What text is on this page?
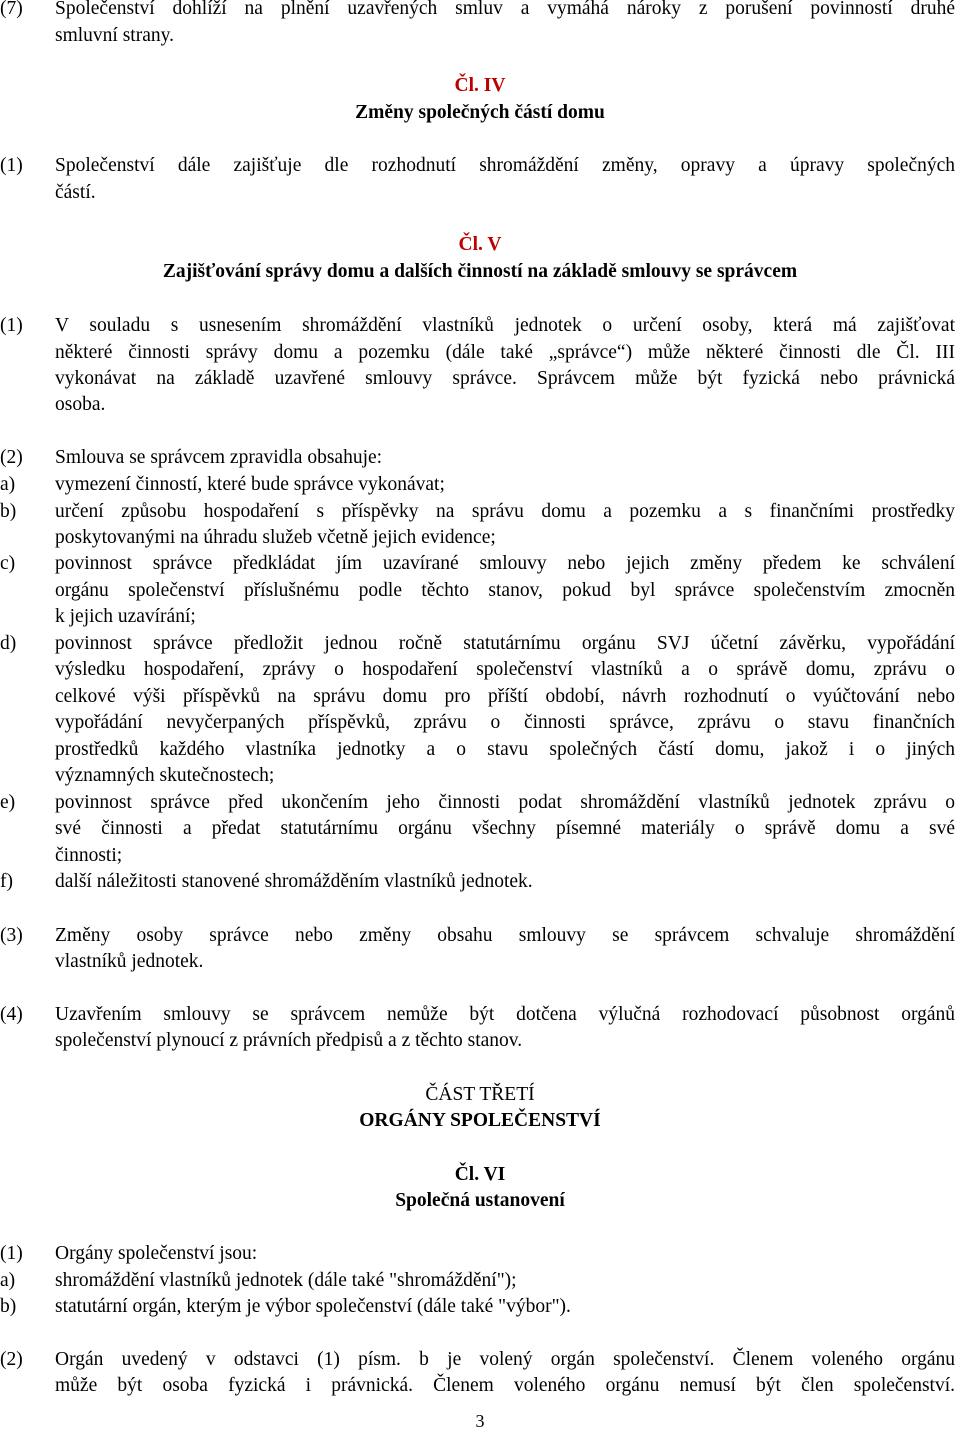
(7) Společenství dohlíží na plnění uzavřených smluv a vymáhá nároky z porušení povinností druhé
smluvní strany.
Čl. IV
Změny společných částí domu
(1) Společenství dále zajišťuje dle rozhodnutí shromáždění změny, opravy a úpravy společných
částí.
Čl. V
Zajišťování správy domu a dalších činností na základě smlouvy se správcem
(1) V souladu s usnesením shromáždění vlastníků jednotek o určení osoby, která má zajišťovat
některé činnosti správy domu a pozemku (dále také „správce“) může některé činnosti dle Čl. III
vykonávat na základě uzavřené smlouvy správce. Správcem může být fyzická nebo právnická
osoba.
(2) Smlouva se správcem zpravidla obsahuje:
a) vymezení činností, které bude správce vykonávat;
b) určení způsobu hospodaření s příspěvky na správu domu a pozemku a s finančními prostředky
poskytovanými na úhradu služeb včetně jejich evidence;
c) povinnost správce předkládat jím uzavírané smlouvy nebo jejich změny předem ke schválení
orgánu společenství příslušnému podle těchto stanov, pokud byl správce společenstvím zmocněn
k jejich uzavírání;
d) povinnost správce předložit jednou ročně statutárnímu orgánu SVJ účetní závěrku, vypořádání
výsledku hospodaření, zprávy o hospodaření společenství vlastníků a o správě domu, zprávu o
celkové výši příspěvků na správu domu pro příští období, návrh rozhodnutí o vyúčtování nebo
vypořádání nevyčerpaných příspěvků, zprávu o činnosti správce, zprávu o stavu finančních
prostředků každého vlastníka jednotky a o stavu společných částí domu, jakož i o jiných
významných skutečnostech;
e) povinnost správce před ukončením jeho činnosti podat shromáždění vlastníků jednotek zprávu o
své činnosti a předat statutárnímu orgánu všechny písemné materiály o správě domu a své
činnosti;
f) další náležitosti stanovené shromážděním vlastníků jednotek.
(3) Změny osoby správce nebo změny obsahu smlouvy se správcem schvaluje shromáždění
vlastníků jednotek.
(4) Uzavřením smlouvy se správcem nemůže být dotčena výlučná rozhodovací působnost orgánů
společenství plynoucí z právních předpisů a z těchto stanov.
ČÁST TŘETÍ
ORGÁNY SPOLEČENSTVÍ
Čl. VI
Společná ustanovení
(1) Orgány společenství jsou:
a) shromáždění vlastníků jednotek (dále také "shromáždění");
b) statutární orgán, kterým je výbor společenství (dále také "výbor").
(2) Orgán uvedený v odstavci (1) písm. b je volený orgán společenství. Členem voleného orgánu
může být osoba fyzická i právnická. Členem voleného orgánu nemusí být člen společenství.
3
